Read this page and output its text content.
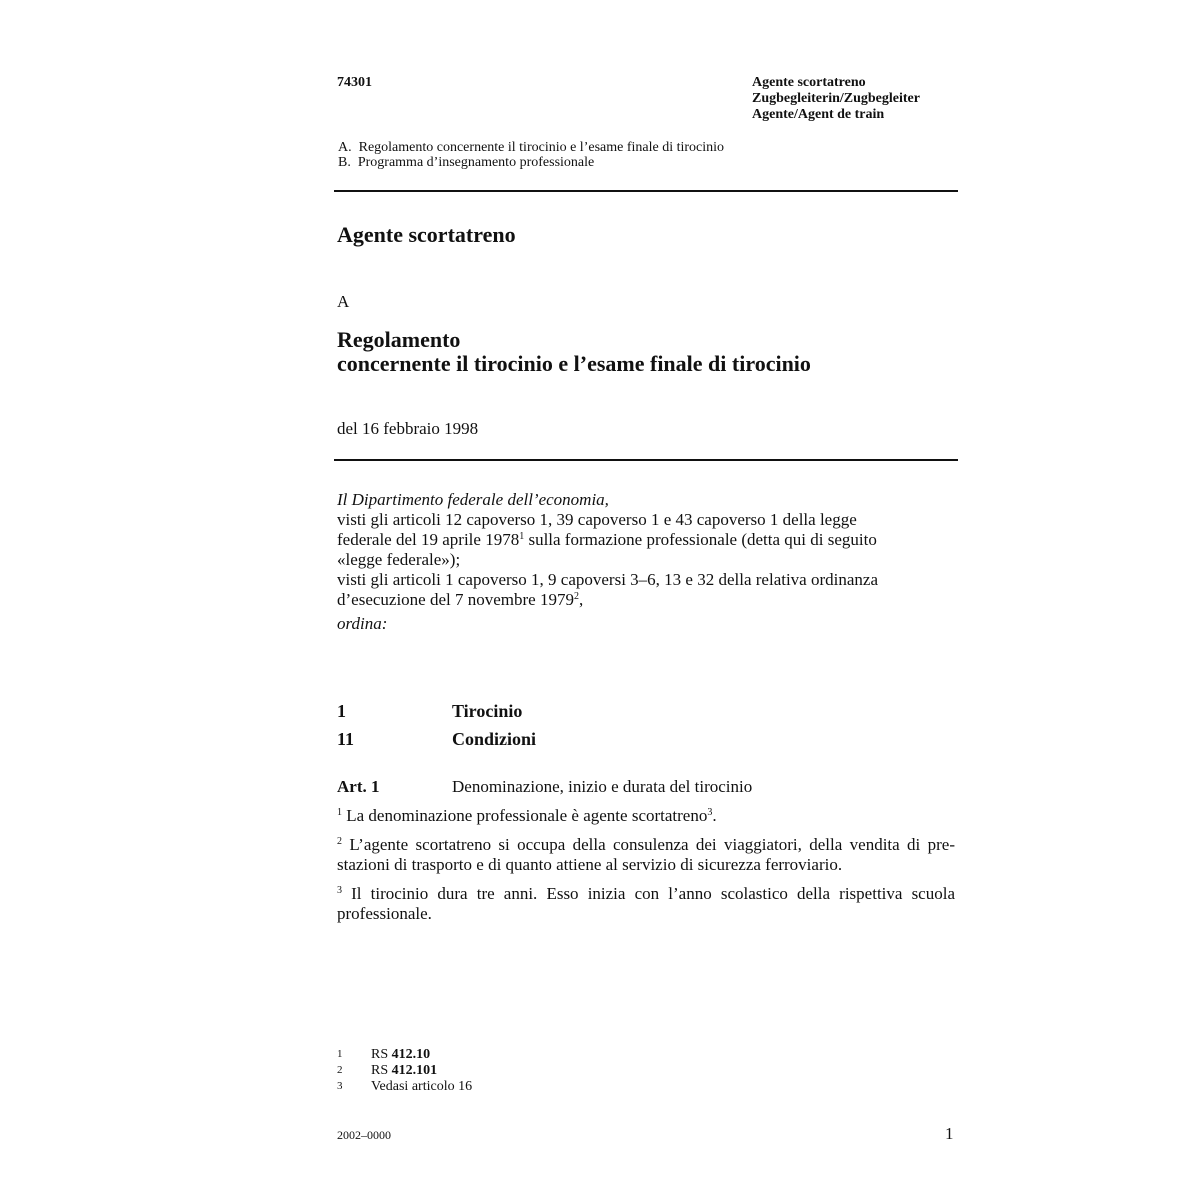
74301	Agente scortatreno
Zugbegleiterin/Zugbegleiter
Agente/Agent de train
A.  Regolamento concernente il tirocinio e l’esame finale di tirocinio
B.  Programma d’insegnamento professionale
Agente scortatreno
A
Regolamento
concernente il tirocinio e l’esame finale di tirocinio
del 16 febbraio 1998
Il Dipartimento federale dell’economia,
visti gli articoli 12 capoverso 1, 39 capoverso 1 e 43 capoverso 1 della legge
federale del 19 aprile 1978$^1$ sulla formazione professionale (detta qui di seguito
«legge federale»);
visti gli articoli 1 capoverso 1, 9 capoversi 3–6, 13 e 32 della relativa ordinanza
d’esecuzione del 7 novembre 1979$^2$,
ordina:
1	Tirocinio
11	Condizioni
Art. 1	Denominazione, inizio e durata del tirocinio
$^1$ La denominazione professionale è agente scortatreno$^3$.
$^2$ L’agente scortatreno si occupa della consulenza dei viaggiatori, della vendita di pre-stazioni di trasporto e di quanto attiene al servizio di sicurezza ferroviario.
$^3$ Il tirocinio dura tre anni. Esso inizia con l’anno scolastico della rispettiva scuola professionale.
1 RS 412.10
2 RS 412.101
3 Vedasi articolo 16
2002–0000	1
